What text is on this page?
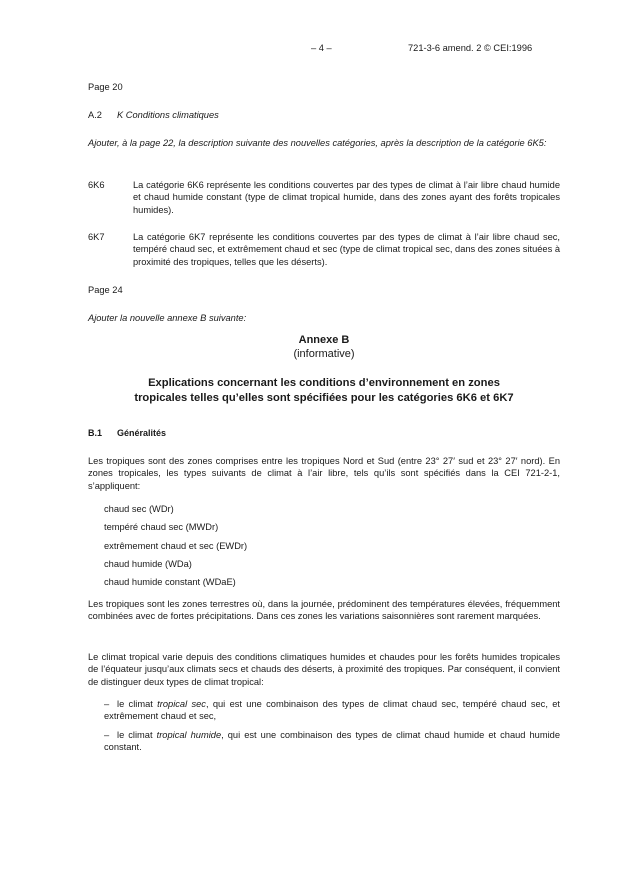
– 4 –	721-3-6 amend. 2 © CEI:1996
Page 20
A.2 K Conditions climatiques

Ajouter, à la page 22, la description suivante des nouvelles catégories, après la description de la catégorie 6K5:

6K6	La catégorie 6K6 représente les conditions couvertes par des types de climat à l’air libre chaud humide et chaud humide constant (type de climat tropical humide, dans des zones ayant des forêts tropicales humides).

6K7	La catégorie 6K7 représente les conditions couvertes par des types de climat à l’air libre chaud sec, tempéré chaud sec, et extrêmement chaud et sec (type de climat tropical sec, dans des zones situées à proximité des tropiques, telles que les déserts).

Page 24
Ajouter la nouvelle annexe B suivante:
Annexe B
(informative)
Explications concernant les conditions d’environnement en zones
tropicales telles qu’elles sont spécifiées pour les catégories 6K6 et 6K7
B.1 Généralités

Les tropiques sont des zones comprises entre les tropiques Nord et Sud (entre 23° 27′ sud et 23° 27′ nord). En zones tropicales, les types suivants de climat à l’air libre, tels qu’ils sont spécifiés dans la CEI 721-2-1, s’appliquent:

chaud sec (WDr)
tempéré chaud sec (MWDr)
extrêmement chaud et sec (EWDr)
chaud humide (WDa)
chaud humide constant (WDaE)

Les tropiques sont les zones terrestres où, dans la journée, prédominent des températures élevées, fréquemment combinées avec de fortes précipitations. Dans ces zones les variations saisonnières sont rarement marquées.

Le climat tropical varie depuis des conditions climatiques humides et chaudes pour les forêts humides tropicales de l’équateur jusqu’aux climats secs et chauds des déserts, à proximité des tropiques. Par conséquent, il convient de distinguer deux types de climat tropical:

– le climat tropical sec, qui est une combinaison des types de climat chaud sec, tempéré chaud sec, et extrêmement chaud et sec,

– le climat tropical humide, qui est une combinaison des types de climat chaud humide et chaud humide constant.
